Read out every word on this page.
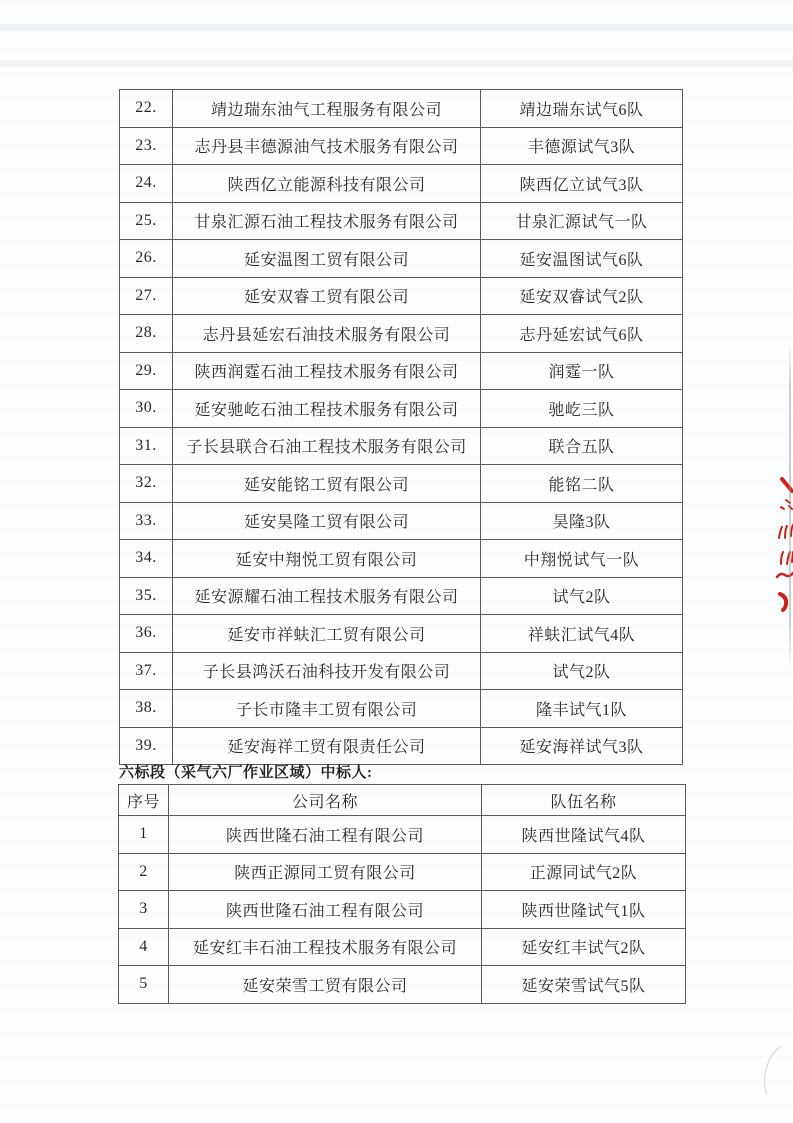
22.	靖边瑞东油气工程服务有限公司	靖边瑞东试气6队
23.	志丹县丰德源油气技术服务有限公司	丰德源试气3队
24.	陕西亿立能源科技有限公司	陕西亿立试气3队
25.	甘泉汇源石油工程技术服务有限公司	甘泉汇源试气一队
26.	延安温图工贸有限公司	延安温图试气6队
27.	延安双睿工贸有限公司	延安双睿试气2队
28.	志丹县延宏石油技术服务有限公司	志丹延宏试气6队
29.	陕西润霆石油工程技术服务有限公司	润霆一队
30.	延安驰屹石油工程技术服务有限公司	驰屹三队
31.	子长县联合石油工程技术服务有限公司	联合五队
32.	延安能铭工贸有限公司	能铭二队
33.	延安昊隆工贸有限公司	昊隆3队
34.	延安中翔悦工贸有限公司	中翔悦试气一队
35.	延安源耀石油工程技术服务有限公司	试气2队
36.	延安市祥蚨汇工贸有限公司	祥蚨汇试气4队
37.	子长县鸿沃石油科技开发有限公司	试气2队
38.	子长市隆丰工贸有限公司	隆丰试气1队
39.	延安海祥工贸有限责任公司	延安海祥试气3队
六标段（采气六厂作业区域）中标人:
序号	公司名称	队伍名称
1	陕西世隆石油工程有限公司	陕西世隆试气4队
2	陕西正源同工贸有限公司	正源同试气2队
3	陕西世隆石油工程有限公司	陕西世隆试气1队
4	延安红丰石油工程技术服务有限公司	延安红丰试气2队
5	延安荣雪工贸有限公司	延安荣雪试气5队
